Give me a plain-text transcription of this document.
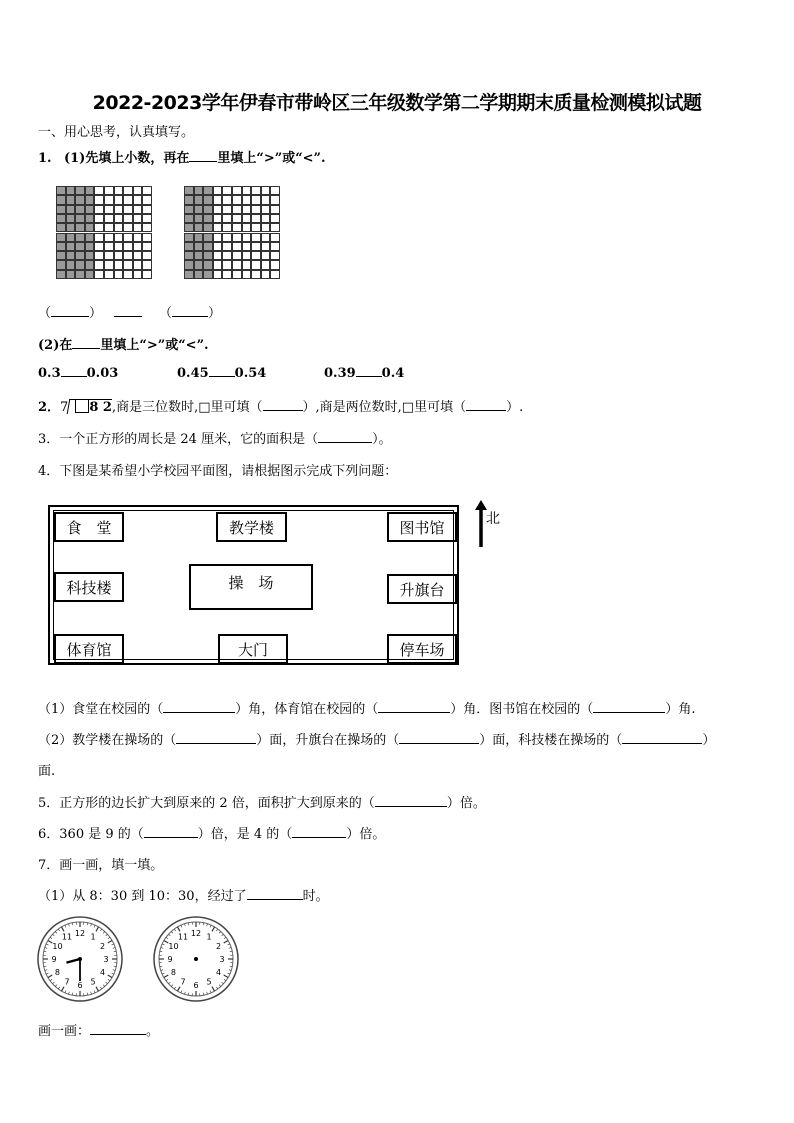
2022-2023学年伊春市带岭区三年级数学第二学期期末质量检测模拟试题
一、用心思考，认真填写。
1. (1)先填上小数，再在 里填上“>”或“<”.
（	）	（	）
(2)在 里填上“>”或“<”.
0.3 0.03	0.45 0.54	0.39 0.4
2．7 8 2,商是三位数时,□里可填（	）,商是两位数时,□里可填（	）.
3．一个正方形的周长是 24 厘米，它的面积是（	）。
4．下图是某希望小学校园平面图，请根据图示完成下列问题：
食　堂	教学楼	图书馆
科技楼	操　场	升旗台
体育馆	大门	停车场
北
（1）食堂在校园的（	）角，体育馆在校园的（	）角．图书馆在校园的（	）角.
（2）教学楼在操场的（	）面，升旗台在操场的（	）面，科技楼在操场的（	）
面.
5．正方形的边长扩大到原来的 2 倍，面积扩大到原来的（	）倍。
6．360 是 9 的（	）倍，是 4 的（	）倍。
7．画一画，填一填。
（1）从 8：30 到 10：30，经过了	时。
12 1
2
3
4
5
6
7
8
9
10
11	12 1
2
3
4
5
6
7
8
9
10
11
画一画：	。
